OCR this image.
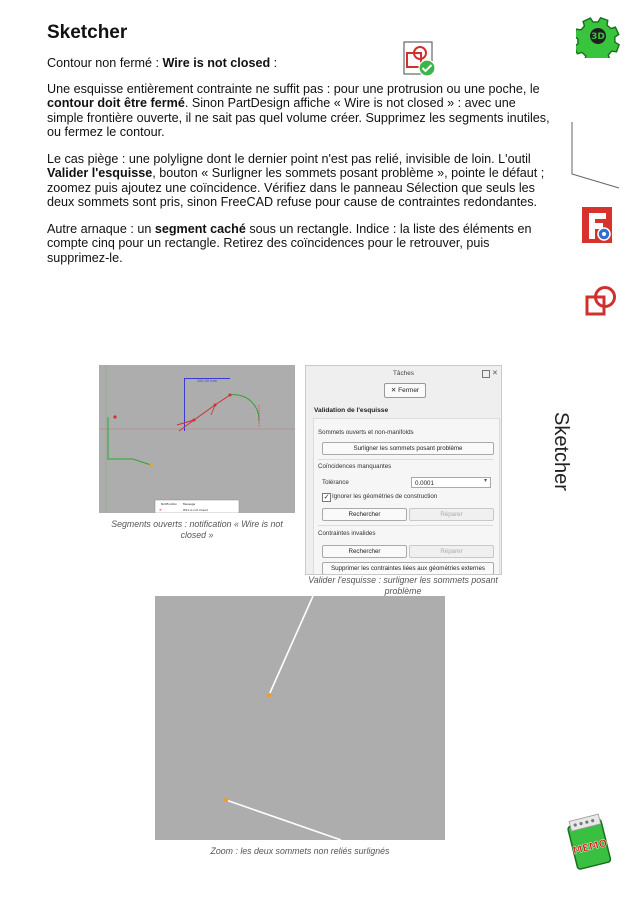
Sketcher

Contour non fermé : Wire is not closed :

Une esquisse entièrement contrainte ne suffit pas : pour une protrusion ou une poche, le contour doit être fermé. Sinon PartDesign affiche « Wire is not closed » : avec une simple frontière ouverte, il ne sait pas quel volume créer. Supprimez les segments inutiles, ou fermez le contour.

Le cas piège : une polyligne dont le dernier point n'est pas relié, invisible de loin. L'outil Valider l'esquisse, bouton « Surligner les sommets posant problème », pointe le défaut ; zoomez puis ajoutez une coïncidence. Vérifiez dans le panneau Sélection que seuls les deux sommets sont pris, sinon FreeCAD refuse pour cause de contraintes redondantes.

Autre arnaque : un segment caché sous un rectangle. Indice : la liste des éléments en compte cinq pour un rectangle. Retirez des coïncidences pour le retrouver, puis supprimez-le.

3D
Sketcher
MEMO
100.00 mm
Notification Message
✕	Wire is not closed

Segments ouverts : notification « Wire is not closed »

Tâches	✕
✕ Fermer
Validation de l'esquisse
Sommets ouverts et non-manifolds
Surligner les sommets posant problème
Coïncidences manquantes
Tolérance	0.0001	▾
✓ Ignorer les géométries de construction
Rechercher	Réparer
Contraintes invalides
Rechercher	Réparer
Supprimer les contraintes liées aux géométries externes

Valider l'esquisse : surligner les sommets posant problème

Zoom : les deux sommets non reliés surlignés
